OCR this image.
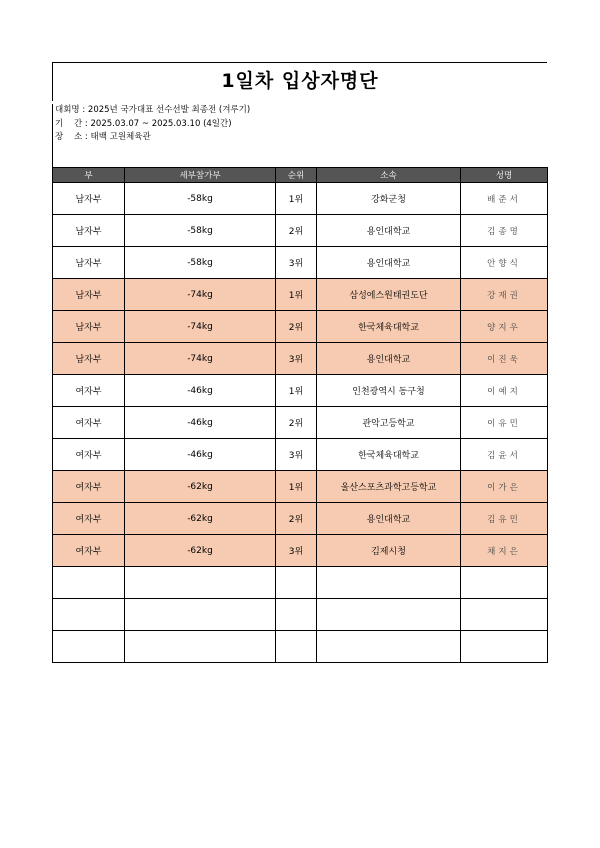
1일차 입상자명단
대회명 : 2025년 국가대표 선수선발 최종전 (겨루기)
기    간 : 2025.03.07 ~ 2025.03.10 (4일간)
장    소 : 태백 고원체육관
부	세부참가부	순위	소속	성명
남자부	-58kg	1위	강화군청	배준서
남자부	-58kg	2위	용인대학교	김종명
남자부	-58kg	3위	용인대학교	안향식
남자부	-74kg	1위	삼성에스원태권도단	강재권
남자부	-74kg	2위	한국체육대학교	양지우
남자부	-74kg	3위	용인대학교	이진욱
여자부	-46kg	1위	인천광역시 동구청	이예지
여자부	-46kg	2위	관악고등학교	이유민
여자부	-46kg	3위	한국체육대학교	김윤서
여자부	-62kg	1위	울산스포츠과학고등학교	이가은
여자부	-62kg	2위	용인대학교	김유민
여자부	-62kg	3위	김제시청	채지은
